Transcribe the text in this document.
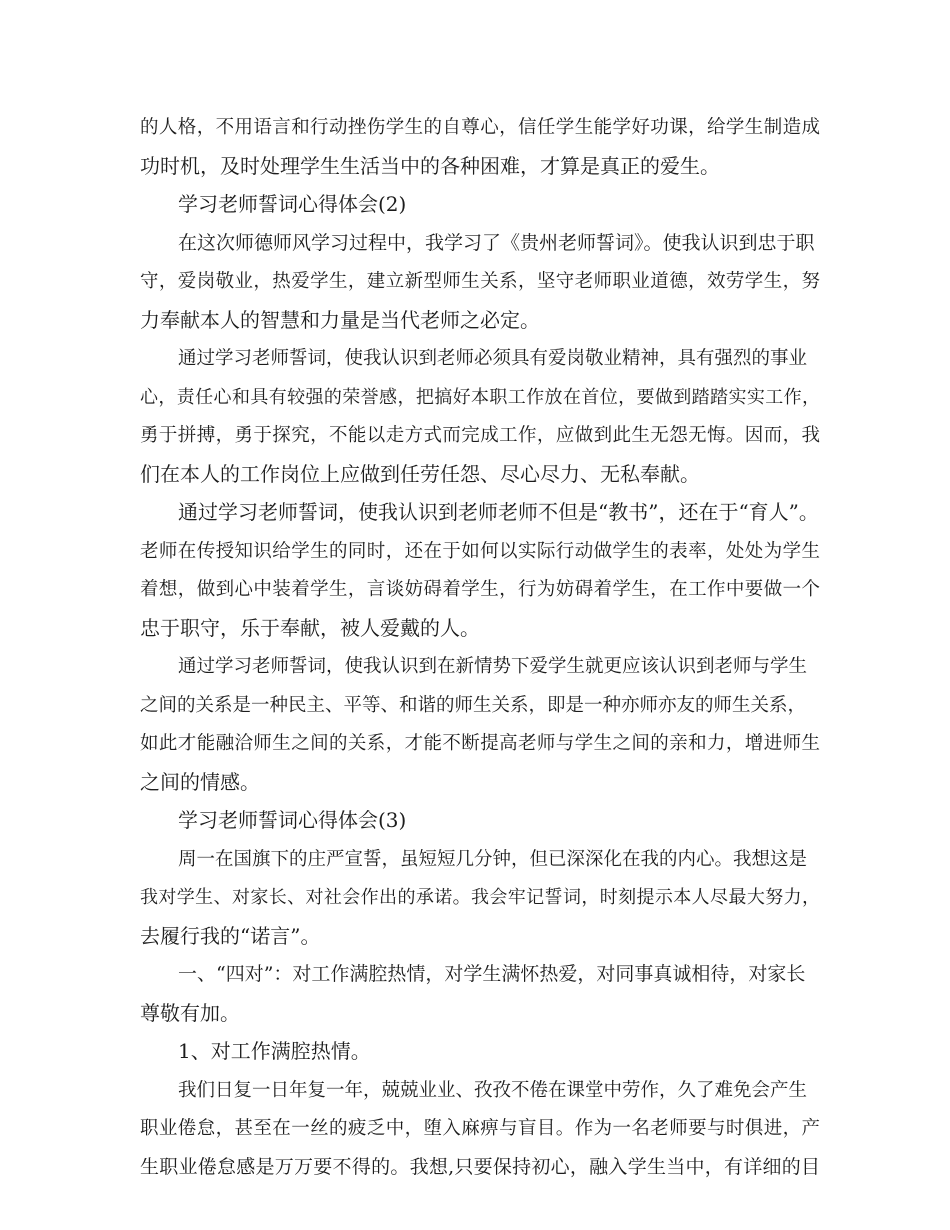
的人格，不用语言和行动挫伤学生的自尊心，信任学生能学好功课，给学生制造成
功时机，及时处理学生生活当中的各种困难，才算是真正的爱生。
学习老师誓词心得体会(2)
在这次师德师风学习过程中，我学习了《贵州老师誓词》。使我认识到忠于职
守，爱岗敬业，热爱学生，建立新型师生关系，坚守老师职业道德，效劳学生，努
力奉献本人的智慧和力量是当代老师之必定。
通过学习老师誓词，使我认识到老师必须具有爱岗敬业精神，具有强烈的事业
心，责任心和具有较强的荣誉感，把搞好本职工作放在首位，要做到踏踏实实工作，
勇于拼搏，勇于探究，不能以走方式而完成工作，应做到此生无怨无悔。因而，我
们在本人的工作岗位上应做到任劳任怨、尽心尽力、无私奉献。
通过学习老师誓词，使我认识到老师老师不但是“教书”，还在于“育人”。
老师在传授知识给学生的同时，还在于如何以实际行动做学生的表率，处处为学生
着想，做到心中装着学生，言谈妨碍着学生，行为妨碍着学生，在工作中要做一个
忠于职守，乐于奉献，被人爱戴的人。
通过学习老师誓词，使我认识到在新情势下爱学生就更应该认识到老师与学生
之间的关系是一种民主、平等、和谐的师生关系，即是一种亦师亦友的师生关系，
如此才能融洽师生之间的关系，才能不断提高老师与学生之间的亲和力，增进师生
之间的情感。
学习老师誓词心得体会(3)
周一在国旗下的庄严宣誓，虽短短几分钟，但已深深化在我的内心。我想这是
我对学生、对家长、对社会作出的承诺。我会牢记誓词，时刻提示本人尽最大努力，
去履行我的“诺言”。
一、“四对”：对工作满腔热情，对学生满怀热爱，对同事真诚相待，对家长
尊敬有加。
1、对工作满腔热情。
我们日复一日年复一年，兢兢业业、孜孜不倦在课堂中劳作，久了难免会产生
职业倦怠，甚至在一丝的疲乏中，堕入麻痹与盲目。作为一名老师要与时俱进，产
生职业倦怠感是万万要不得的。我想,只要保持初心，融入学生当中，有详细的目
